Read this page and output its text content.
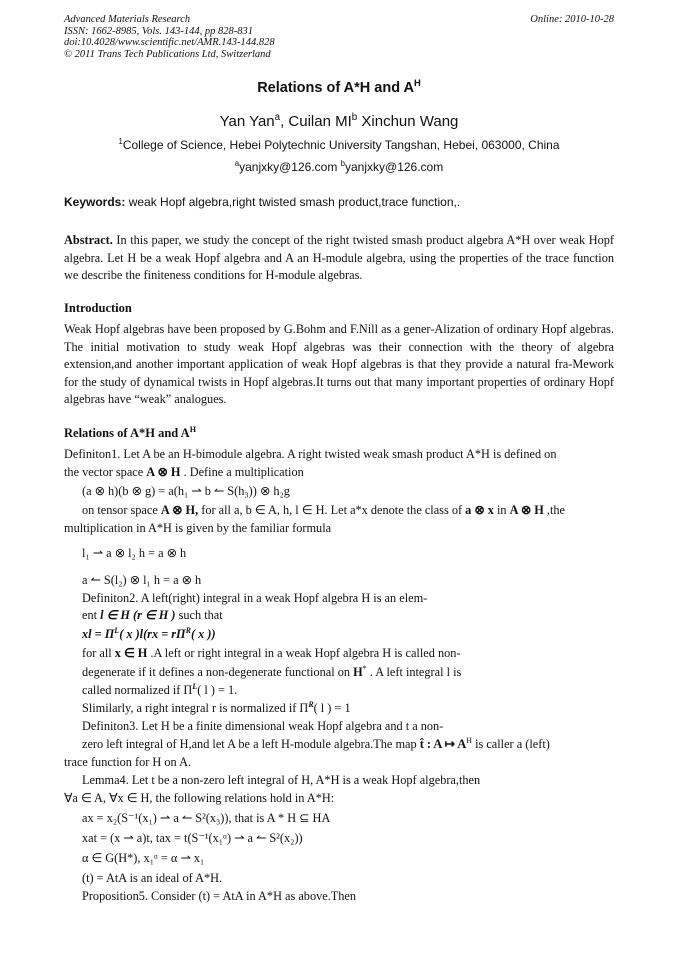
Advanced Materials Research
ISSN: 1662-8985, Vols. 143-144, pp 828-831
doi:10.4028/www.scientific.net/AMR.143-144.828
© 2011 Trans Tech Publications Ltd, Switzerland
Online: 2010-10-28
Relations of A*H and $A^H$
Yan Yan$^a$, Cuilan $MI^b$ Xinchun Wang
$^1$College of Science, Hebei Polytechnic University Tangshan, Hebei, 063000, China
$^a$yanjxky@126.com $^b$yanjxky@126.com
Keywords: weak Hopf algebra,right twisted smash product,trace function,.
Abstract. In this paper, we study the concept of the right twisted smash product algebra A*H over weak Hopf algebra. Let H be a weak Hopf algebra and A an H-module algebra, using the properties of the trace function we describe the finiteness conditions for H-module algebras.
Introduction
Weak Hopf algebras have been proposed by G.Bohm and F.Nill as a gener-Alization of ordinary Hopf algebras. The initial motivation to study weak Hopf algebras was their connection with the theory of algebra extension,and another important application of weak Hopf algebras is that they provide a natural fra-Mework for the study of dynamical twists in Hopf algebras.It turns out that many important properties of ordinary Hopf algebras have “weak” analogues.
Relations of A*H and $A^H$
Definiton1. Let A be an H-bimodule algebra. A right twisted weak smash product A*H is defined on
the vector space A ⊗ H . Define a multiplication
(a ⊗ h)(b ⊗ g) = a(h₁ ⇀ b ↼ S(h₃)) ⊗ h₂g
on tensor space A ⊗ H, for all a, b ∈ A, h, l ∈ H. Let a*x denote the class of a ⊗ x in A ⊗ H ,the
multiplication in A*H is given by the familiar formula
l₁ ⇀ a ⊗ l₂ h = a ⊗ h
a ↼ S(l₂) ⊗ l₁ h = a ⊗ h
Definiton2. A left(right) integral in a weak Hopf algebra H is an elem-
ent l ∈ H (r ∈ H ) such that
xl = $\Pi^L$( x )$l(rx = r\Pi^R$( x ))
for all x ∈ H .A left or right integral in a weak Hopf algebra H is called non-
degenerate if it defines a non-degenerate functional on H* . A left integral l is
called normalized if $\Pi^L$( l ) = 1.
Slimilarly, a right integral r is normalized if $\Pi^R$( l ) = 1
Definiton3. Let H be a finite dimensional weak Hopf algebra and t a non-
zero left integral of H,and let A be a left H-module algebra.The map t̂ : A ↦ $A^H$ is caller a (left)
trace function for H on A.
Lemma4. Let t be a non-zero left integral of H, A*H is a weak Hopf algebra,then
∀a ∈ A, ∀x ∈ H, the following relations hold in A*H:
ax = x₂(S⁻¹(x₁) ⇀ a ↼ S²(x₃)), that is A * H ⊆ HA
xat = (x ⇀ a)t, tax = t(S⁻¹(x₁ᵅ) ⇀ a ↼ S²(x₂))
α ∈ G(H*), x₁ᵅ = α ⇀ x₁
(t) = AtA is an ideal of A*H.
Proposition5. Consider (t) = AtA in A*H as above.Then
